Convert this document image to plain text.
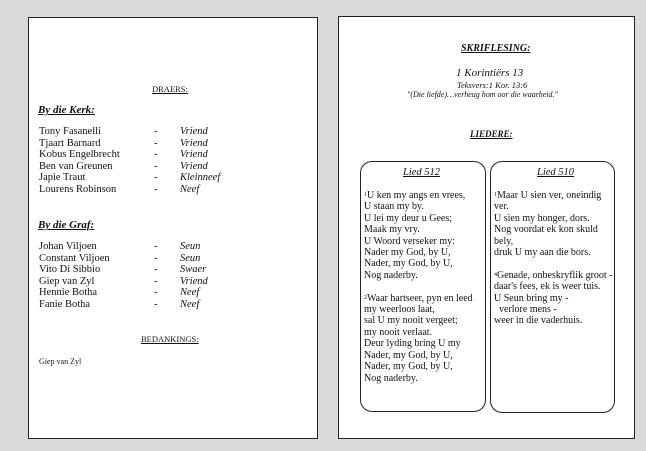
DRAERS:
By die Kerk:
Tony Fasanelli	- Vriend
Tjaart Barnard	- Vriend
Kobus Engelbrecht	- Vriend
Ben van Greunen	- Vriend
Japie Traut	- Kleinneef
Lourens Robinson	- Neef
By die Graf:
Johan Viljoen	- Seun
Constant Viljoen	- Seun
Vito Di Sibbio	- Swaer
Giep van Zyl	- Vriend
Hennie Botha	- Neef
Fanie Botha	- Neef
BEDANKINGS:
Giep van Zyl
SKRIFLESING:
1 Korintiërs 13
Teksvers:1 Kor. 13:6
"(Die liefde)…verheug hom oor die waarheid."
LIEDERE:
Lied 512
$^1$U ken my angs en vrees,
U staan my by.
U lei my deur u Gees;
Maak my vry.
U Woord verseker my:
Nader my God, by U,
Nader, my God, by U,
Nog naderby.

$^2$Waar hartseer, pyn en leed
my weerloos laat,
sal U my nooit vergeet;
my nooit verlaat.
Deur lyding bring U my
Nader, my God, by U,
Nader, my God, by U,
Nog naderby.
Lied 510
$^1$Maar U sien ver, oneindig
ver.
U sien my honger, dors.
Nog voordat ek kon skuld
bely,
druk U my aan die bors.

$^4$Genade, onbeskryflik groot -
daar's fees, ek is weer tuis.
U Seun bring my -
verlore mens -
weer in die vaderhuis.
